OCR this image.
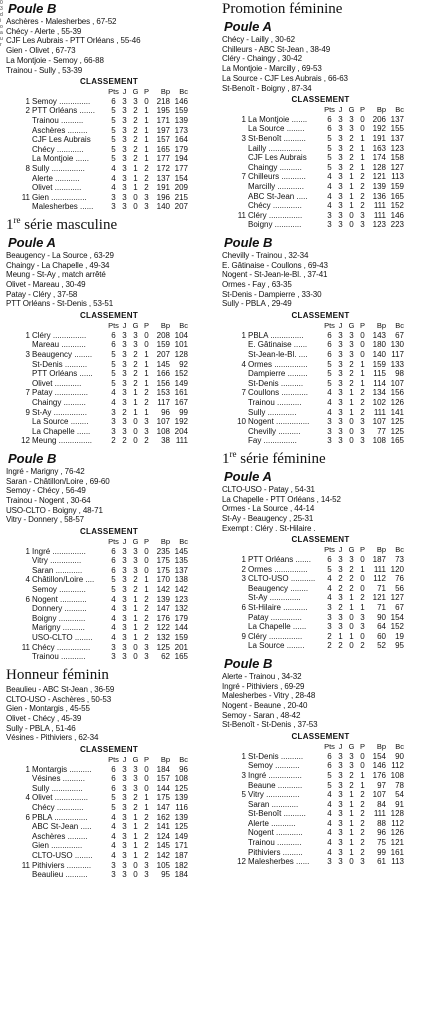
0 3 d i o a u r
Poule B
Aschères - Malesherbes , 67-52
Chécy - Alerte , 55-39
CJF Les Aubrais - PTT Orléans , 55-46
Gien - Olivet , 67-73
La Montjoie - Semoy , 66-88
Trainou - Sully , 53-39
CLASSEMENT
		Pts	J	G	P	Bp	Bc
1	Semoy ..............	6	3	3	0	218	146
2	PTT Orléans .......	5	3	2	1	195	159
	Trainou ..........	5	3	2	1	171	139
	Aschères .........	5	3	2	1	197	173
	CJF Les Aubrais	5	3	2	1	157	164
	Chécy ............	5	3	2	1	165	179
	La Montjoie ......	5	3	2	1	177	194
8	Sully ...............	4	3	1	2	172	177
	Alerte ...........	4	3	1	2	137	154
	Olivet ............	4	3	1	2	191	209
11	Gien ................	3	3	0	3	196	215
	Malesherbes ......	3	3	0	3	140	207
1re série masculine
Poule A
Beaugency - La Source , 63-29
Chaingy - La Chapelle , 49-34
Meung - St-Ay , match arrêté
Olivet - Mareau , 30-49
Patay - Cléry , 37-58
PTT Orléans - St-Denis , 53-51
CLASSEMENT
		Pts	J	G	P	Bp	Bc
1	Cléry ...............	6	3	3	0	208	104
	Mareau ...........	6	3	3	0	159	101
3	Beaugency ........	5	3	2	1	207	128
	St-Denis ..........	5	3	2	1	145	92
	PTT Orléans ......	5	3	2	1	166	152
	Olivet ............	5	3	2	1	156	149
7	Patay ...............	4	3	1	2	153	161
	Chaingy ..........	4	3	1	2	117	167
9	St-Ay ...............	3	2	1	1	96	99
	La Source ........	3	3	0	3	107	192
	La Chapelle ......	3	3	0	3	108	204
12	Meung ...............	2	2	0	2	38	111
Poule B
Ingré - Marigny , 76-42
Saran - Châtillon/Loire , 69-60
Semoy - Chécy , 56-49
Trainou - Nogent , 30-64
USO-CLTO - Boigny , 48-71
Vitry - Donnery , 58-57
CLASSEMENT
		Pts	J	G	P	Bp	Bc
1	Ingré ...............	6	3	3	0	235	145
	Vitry ..............	6	3	3	0	175	135
	Saran ............	6	3	3	0	175	137
4	Châtillon/Loire ....	5	3	2	1	170	138
	Semoy ............	5	3	2	1	142	142
6	Nogent ............	4	3	1	2	139	123
	Donnery ..........	4	3	1	2	147	132
	Boigny ............	4	3	1	2	176	179
	Marigny ..........	4	3	1	2	122	144
	USO-CLTO ........	4	3	1	2	132	159
11	Chécy ...............	3	3	0	3	125	201
	Trainou ...........	3	3	0	3	62	165
Honneur féminin
Beaulieu - ABC St-Jean , 36-59
CLTO-USO - Aschères , 50-53
Gien - Montargis , 45-55
Olivet - Chécy , 45-39
Sully - PBLA , 51-46
Vésines - Pithiviers , 62-34
CLASSEMENT
		Pts	J	G	P	Bp	Bc
1	Montargis ..........	6	3	3	0	184	96
	Vésines ..........	6	3	3	0	157	108
	Sully ..............	6	3	3	0	144	125
4	Olivet ...............	5	3	2	1	175	139
	Chécy ............	5	3	2	1	147	116
6	PBLA ...............	4	3	1	2	162	139
	ABC St-Jean .....	4	3	1	2	141	125
	Aschères .........	4	3	1	2	124	149
	Gien ..............	4	3	1	2	145	171
	CLTO-USO ........	4	3	1	2	142	187
11	Pithiviers ...........	3	3	0	3	105	182
	Beaulieu ..........	3	3	0	3	95	184
Promotion féminine
Poule A
Chécy - Lailly , 30-62
Chilleurs - ABC St-Jean , 38-49
Cléry - Chaingy , 30-42
La Montjoie - Marcilly , 69-53
La Source - CJF Les Aubrais , 66-63
St-Benoît - Boigny , 87-34
CLASSEMENT
		Pts	J	G	P	Bp	Bc
1	La Montjoie .......	6	3	3	0	206	137
	La Source ........	6	3	3	0	192	155
3	St-Benoît ..........	5	3	2	1	191	137
	Lailly ...............	5	3	2	1	163	123
	CJF Les Aubrais	5	3	2	1	174	158
	Chaingy ..........	5	3	2	1	128	127
7	Chilleurs ...........	4	3	1	2	121	113
	Marcilly ............	4	3	1	2	139	159
	ABC St-Jean .....	4	3	1	2	136	165
	Chécy .............	4	3	1	2	111	152
11	Cléry ...............	3	3	0	3	111	146
	Boigny ............	3	3	0	3	123	223
Poule B
Chevilly - Trainou , 32-34
E. Gâtinaise - Coullons , 69-43
Nogent - St-Jean-le-Bl. , 37-41
Ormes - Fay , 63-35
St-Denis - Dampierre , 33-30
Sully - PBLA , 29-49
CLASSEMENT
		Pts	J	G	P	Bp	Bc
1	PBLA ...............	6	3	3	0	143	67
	E. Gâtinaise ......	6	3	3	0	180	130
	St-Jean-le-Bl. ....	6	3	3	0	140	117
4	Ormes ...............	5	3	2	1	159	133
	Dampierre .........	5	3	2	1	115	98
	St-Denis ..........	5	3	2	1	114	107
7	Coullons ............	4	3	1	2	134	156
	Trainou ...........	4	3	1	2	102	126
	Sully .............	4	3	1	2	111	141
10	Nogent ...............	3	3	0	3	107	125
	Chevilly ..........	3	3	0	3	77	125
	Fay ...............	3	3	0	3	108	165
1re série féminine
Poule A
CLTO-USO - Patay , 54-31
La Chapelle - PTT Orléans , 14-52
Ormes - La Source , 44-14
St-Ay - Beaugency , 25-31
Exempt : Cléry . St-Hilaire .
CLASSEMENT
		Pts	J	G	P	Bp	Bc
1	PTT Orléans .......	6	3	3	0	187	73
2	Ormes ...............	5	3	2	1	111	120
3	CLTO-USO ...........	4	2	2	0	112	76
	Beaugency ........	4	2	2	0	71	56
	St-Ay ..............	4	3	1	2	121	127
6	St-Hilaire ...........	3	2	1	1	71	67
	Patay ..............	3	3	0	3	90	154
	La Chapelle ......	3	3	0	3	64	152
9	Cléry ...............	2	1	1	0	60	19
	La Source ........	2	2	0	2	52	95
Poule B
Alerte - Trainou , 34-32
Ingré - Pithiviers , 69-29
Malesherbes - Vitry , 28-48
Nogent - Beaune , 20-40
Semoy - Saran , 48-42
St-Benoît - St-Denis , 37-53
CLASSEMENT
		Pts	J	G	P	Bp	Bc
1	St-Denis ..........	6	3	3	0	154	90
	Semoy ...........	6	3	3	0	146	112
3	Ingré ...............	5	3	2	1	176	108
	Beaune ...........	5	3	2	1	97	78
5	Vitry ...............	4	3	1	2	107	54
	Saran ............	4	3	1	2	84	91
	St-Benoît ..........	4	3	1	2	111	128
	Alerte ...........	4	3	1	2	88	112
	Nogent ............	4	3	1	2	96	126
	Trainou ...........	4	3	1	2	75	121
	Pithiviers .........	4	3	1	2	99	161
12	Malesherbes ......	3	3	0	3	61	113
